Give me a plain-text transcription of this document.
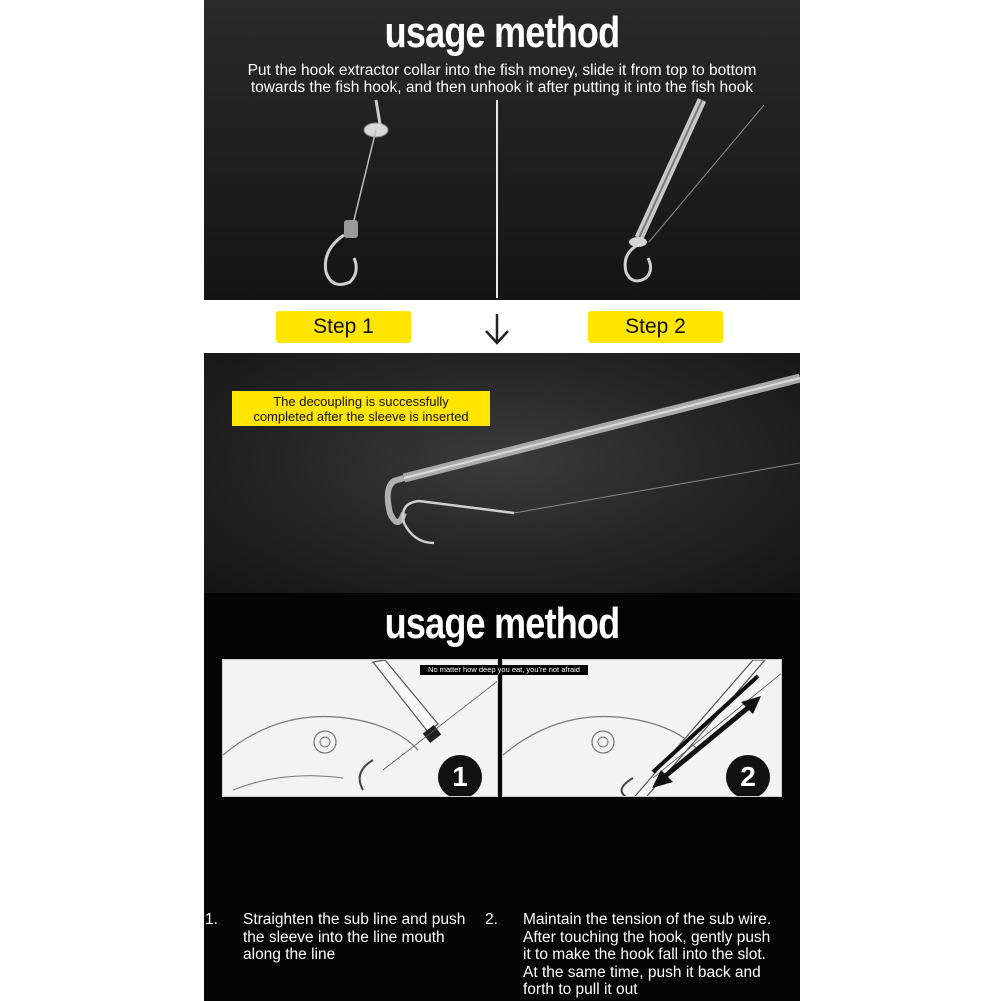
usage method
Put the hook extractor collar into the fish money, slide it from top to bottom
towards the fish hook, and then unhook it after putting it into the fish hook
Step 1	Step 2
The decoupling is successfully
completed after the sleeve is inserted
usage method
1	2
1. Straighten the sub line and push
the sleeve into the line mouth
along the line
2. Maintain the tension of the sub wire.
After touching the hook, gently push
it to make the hook fall into the slot.
At the same time, push it back and
forth to pull it out
No matter how deep you eat, you're not afraid
